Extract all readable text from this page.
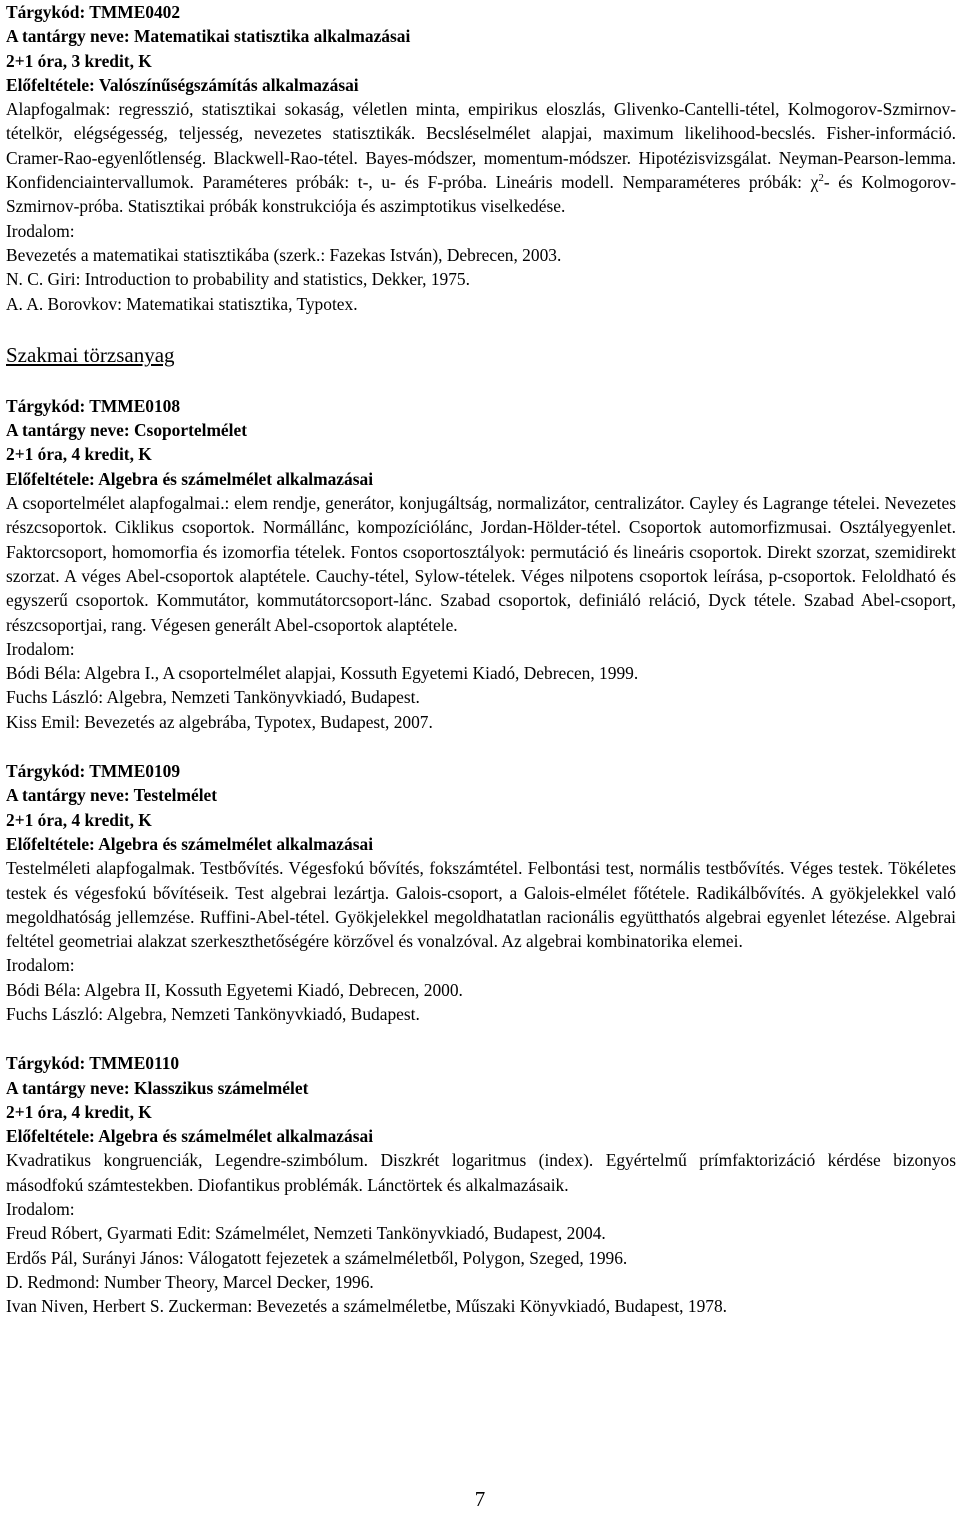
Tárgykód: TMME0402
A tantárgy neve: Matematikai statisztika alkalmazásai
2+1 óra, 3 kredit, K
Előfeltétele: Valószínűségszámítás alkalmazásai

Alapfogalmak: regresszió, statisztikai sokaság, véletlen minta, empirikus eloszlás, Glivenko-Cantelli-tétel, Kolmogorov-Szmirnov-tételkör, elégségesség, teljesség, nevezetes statisztikák. Becsléselmélet alapjai, maximum likelihood-becslés. Fisher-információ. Cramer-Rao-egyenlőtlenség. Blackwell-Rao-tétel. Bayes-módszer, momentum-módszer. Hipotézisvizsgálat. Neyman-Pearson-lemma. Konfidenciaintervallumok. Paraméteres próbák: t-, u- és F-próba. Lineáris modell. Nemparaméteres próbák: $\chi^2-$ és Kolmogorov-Szmirnov-próba. Statisztikai próbák konstrukciója és aszimptotikus viselkedése.

Irodalom:
Bevezetés a matematikai statisztikába (szerk.: Fazekas István), Debrecen, 2003.
N. C. Giri: Introduction to probability and statistics, Dekker, 1975.
A. A. Borovkov: Matematikai statisztika, Typotex.

Szakmai törzsanyag

Tárgykód: TMME0108
A tantárgy neve: Csoportelmélet
2+1 óra, 4 kredit, K
Előfeltétele: Algebra és számelmélet alkalmazásai

A csoportelmélet alapfogalmai.: elem rendje, generátor, konjugáltság, normalizátor, centralizátor. Cayley és Lagrange tételei. Nevezetes részcsoportok. Ciklikus csoportok. Normállánc, kompozíciólánc, Jordan-Hölder-tétel. Csoportok automorfizmusai. Osztályegyenlet. Faktorcsoport, homomorfia és izomorfia tételek. Fontos csoportosztályok: permutáció és lineáris csoportok. Direkt szorzat, szemidirekt szorzat. A véges Abel-csoportok alaptétele. Cauchy-tétel, Sylow-tételek. Véges nilpotens csoportok leírása, p-csoportok. Feloldható és egyszerű csoportok. Kommutátor, kommutátorcsoport-lánc. Szabad csoportok, definiáló reláció, Dyck tétele. Szabad Abel-csoport, részcsoportjai, rang. Végesen generált Abel-csoportok alaptétele.

Irodalom:
Bódi Béla: Algebra I., A csoportelmélet alapjai, Kossuth Egyetemi Kiadó, Debrecen, 1999.
Fuchs László: Algebra, Nemzeti Tankönyvkiadó, Budapest.
Kiss Emil: Bevezetés az algebrába, Typotex, Budapest, 2007.
Tárgykód: TMME0109
A tantárgy neve: Testelmélet
2+1 óra, 4 kredit, K
Előfeltétele: Algebra és számelmélet alkalmazásai

Testelméleti alapfogalmak. Testbővítés. Végesfokú bővítés, fokszámtétel. Felbontási test, normális testbővítés. Véges testek. Tökéletes testek és végesfokú bővítéseik. Test algebrai lezártja. Galois-csoport, a Galois-elmélet főtétele. Radikálbővítés. A gyökjelekkel való megoldhatóság jellemzése. Ruffini-Abel-tétel. Gyökjelekkel megoldhatatlan racionális együtthatós algebrai egyenlet létezése. Algebrai feltétel geometriai alakzat szerkeszthetőségére körzővel és vonalzóval. Az algebrai kombinatorika elemei.

Irodalom:
Bódi Béla: Algebra II, Kossuth Egyetemi Kiadó, Debrecen, 2000.
Fuchs László: Algebra, Nemzeti Tankönyvkiadó, Budapest.
Tárgykód: TMME0110
A tantárgy neve: Klasszikus számelmélet
2+1 óra, 4 kredit, K
Előfeltétele: Algebra és számelmélet alkalmazásai

Kvadratikus kongruenciák, Legendre-szimbólum. Diszkrét logaritmus (index). Egyértelmű prímfaktorizáció kérdése bizonyos másodfokú számtestekben. Diofantikus problémák. Lánctörtek és alkalmazásaik.

Irodalom:
Freud Róbert, Gyarmati Edit: Számelmélet, Nemzeti Tankönyvkiadó, Budapest, 2004.
Erdős Pál, Surányi János: Válogatott fejezetek a számelméletből, Polygon, Szeged, 1996.
D. Redmond: Number Theory, Marcel Decker, 1996.
Ivan Niven, Herbert S. Zuckerman: Bevezetés a számelméletbe, Műszaki Könyvkiadó, Budapest, 1978.
7
